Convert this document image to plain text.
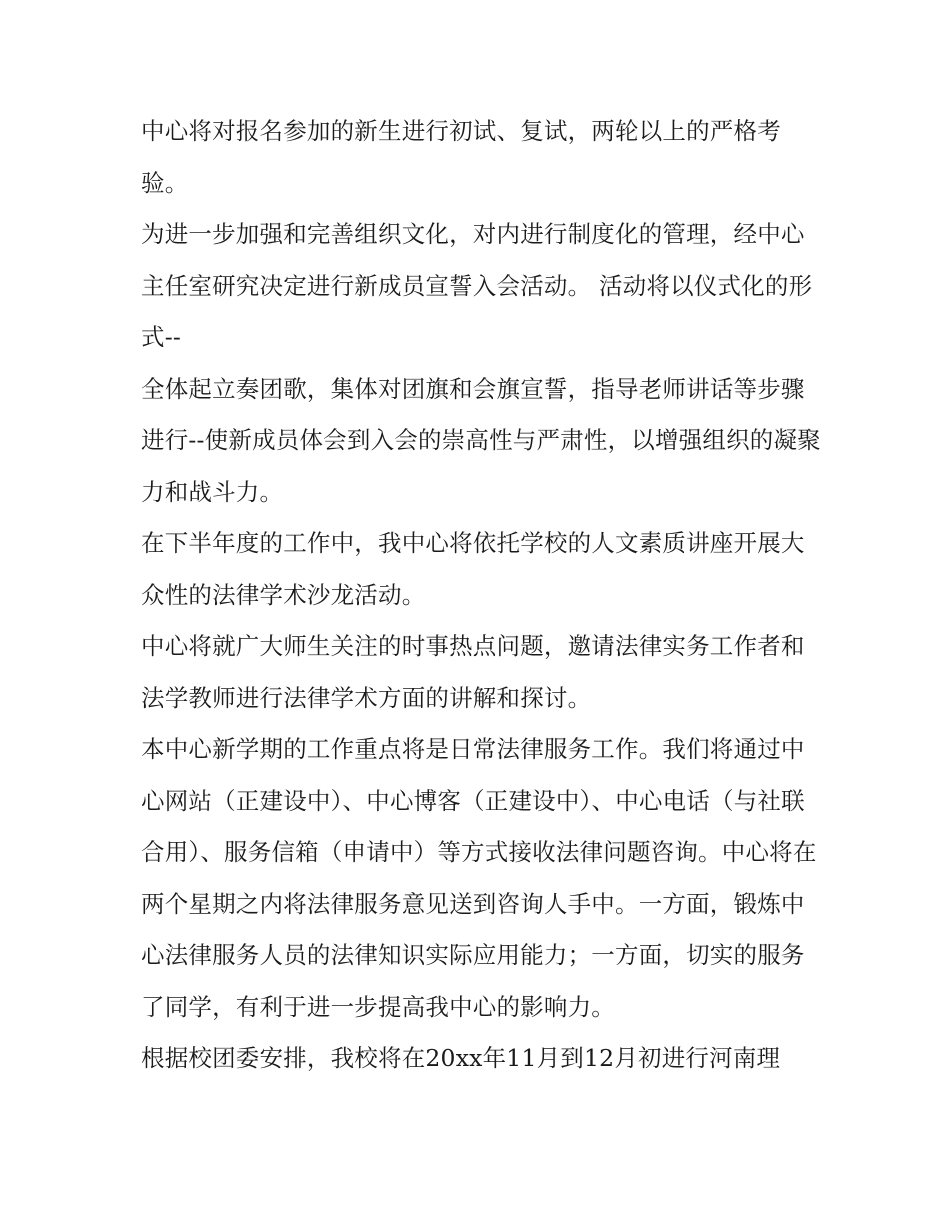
中心将对报名参加的新生进行初试、复试，两轮以上的严格考验。

为进一步加强和完善组织文化，对内进行制度化的管理，经中心主任室研究决定进行新成员宣誓入会活动。 活动将以仪式化的形式--

全体起立奏团歌，集体对团旗和会旗宣誓，指导老师讲话等步骤进行--使新成员体会到入会的崇高性与严肃性，以增强组织的凝聚力和战斗力。

在下半年度的工作中，我中心将依托学校的人文素质讲座开展大众性的法律学术沙龙活动。

中心将就广大师生关注的时事热点问题，邀请法律实务工作者和法学教师进行法律学术方面的讲解和探讨。

本中心新学期的工作重点将是日常法律服务工作。我们将通过中心网站（正建设中）、中心博客（正建设中）、中心电话（与社联合用）、服务信箱（申请中）等方式接收法律问题咨询。中心将在两个星期之内将法律服务意见送到咨询人手中。一方面，锻炼中心法律服务人员的法律知识实际应用能力；一方面，切实的服务了同学，有利于进一步提高我中心的影响力。

根据校团委安排，我校将在20xx年11月到12月初进行河南理
